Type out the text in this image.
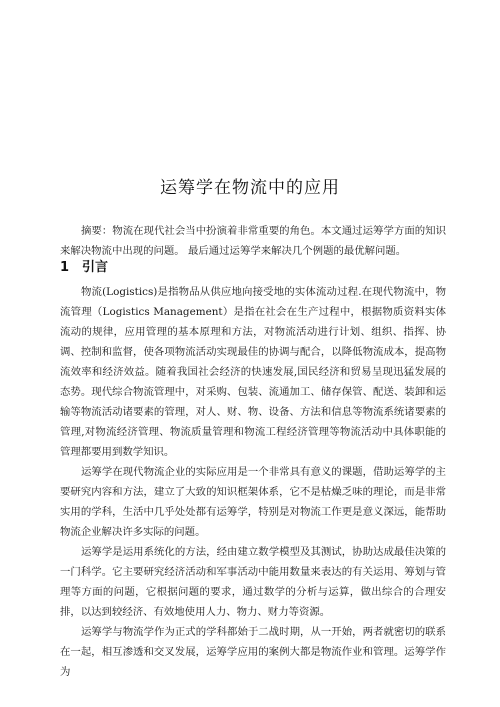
运筹学在物流中的应用

摘要：物流在现代社会当中扮演着非常重要的角色。本文通过运筹学方面的知识来解决物流中出现的问题。 最后通过运筹学来解决几个例题的最优解问题。

1 引言

物流(Logistics)是指物品从供应地向接受地的实体流动过程.在现代物流中，物流管理（Logistics Management）是指在社会在生产过程中，根据物质资料实体流动的规律，应用管理的基本原理和方法，对物流活动进行计划、组织、指挥、协调、控制和监督，使各项物流活动实现最佳的协调与配合，以降低物流成本，提高物流效率和经济效益。随着我国社会经济的快速发展,国民经济和贸易呈现迅猛发展的态势。现代综合物流管理中，对采购、包装、流通加工、储存保管、配送、装卸和运输等物流活动诸要素的管理，对人、财、物、设备、方法和信息等物流系统诸要素的管理,对物流经济管理、物流质量管理和物流工程经济管理等物流活动中具体职能的管理都要用到数学知识。

运筹学在现代物流企业的实际应用是一个非常具有意义的课题，借助运筹学的主要研究内容和方法，建立了大致的知识框架体系，它不是枯燥乏味的理论，而是非常实用的学科，生活中几乎处处都有运筹学，特别是对物流工作更是意义深远，能帮助物流企业解决许多实际的问题。

运筹学是运用系统化的方法，经由建立数学模型及其测试，协助达成最佳决策的一门科学。它主要研究经济活动和军事活动中能用数量来表达的有关运用、筹划与管理等方面的问题，它根据问题的要求，通过数学的分析与运算，做出综合的合理安排，以达到较经济、有效地使用人力、物力、财力等资源。

运筹学与物流学作为正式的学科都始于二战时期，从一开始，两者就密切的联系在一起，相互渗透和交叉发展，运筹学应用的案例大都是物流作业和管理。运筹学作为
